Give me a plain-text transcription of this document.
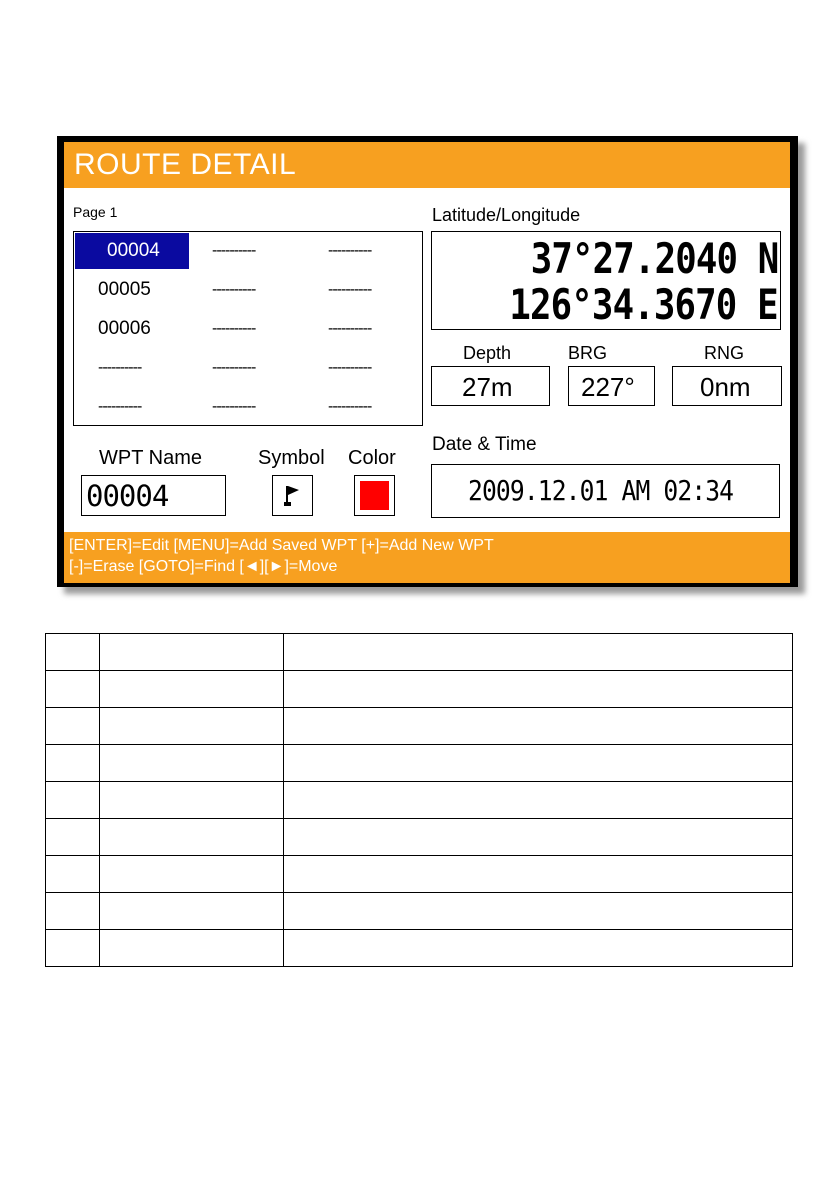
ROUTE DETAIL
Page 1
00004	----------	----------
00005	----------	----------
00006	----------	----------
----------	----------	----------
----------	----------	----------
Latitude/Longitude
37°27.2040 N
126°34.3670 E
Depth	BRG	RNG
27m	227°	0nm
WPT Name	Symbol Color
00004
Date & Time
2009.12.01 AM 02:34
[ENTER]=Edit [MENU]=Add Saved WPT [+]=Add New WPT
[-]=Erase [GOTO]=Find [◄][►]=Move
